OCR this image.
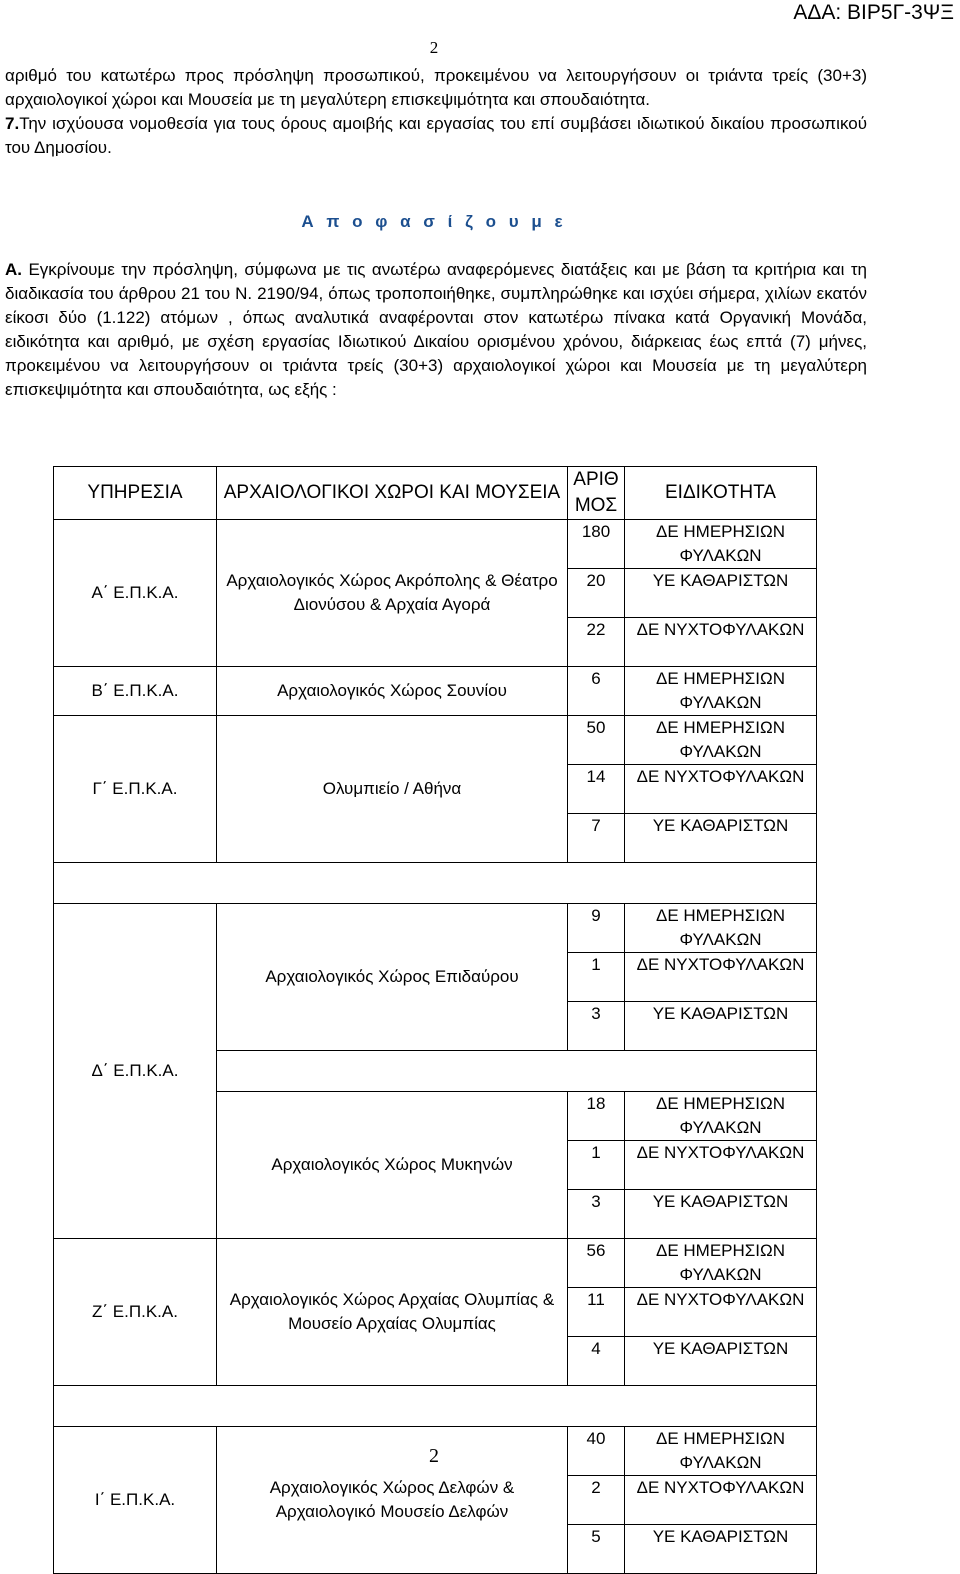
ΑΔΑ: ΒΙΡ5Γ-3ΨΞ
2
αριθμό του κατωτέρω προς πρόσληψη προσωπικού, προκειμένου να λειτουργήσουν οι τριάντα τρείς (30+3) αρχαιολογικοί χώροι και Μουσεία με τη μεγαλύτερη επισκεψιμότητα και σπουδαιότητα.
7.Την ισχύουσα νομοθεσία για τους όρους αμοιβής και εργασίας του επί συμβάσει ιδιωτικού δικαίου προσωπικού του Δημοσίου.
Α π ο φ α σ ί ζ ο υ μ ε
Α. Εγκρίνουμε την πρόσληψη, σύμφωνα με τις ανωτέρω αναφερόμενες διατάξεις και με βάση τα κριτήρια και τη διαδικασία του άρθρου 21 του Ν. 2190/94, όπως τροποποιήθηκε, συμπληρώθηκε και ισχύει σήμερα, χιλίων εκατόν είκοσι δύο (1.122) ατόμων , όπως αναλυτικά αναφέρονται στον κατωτέρω πίνακα κατά Οργανική Μονάδα, ειδικότητα και αριθμό, με σχέση εργασίας Ιδιωτικού Δικαίου ορισμένου χρόνου, διάρκειας έως επτά (7) μήνες, προκειμένου να λειτουργήσουν οι τριάντα τρείς (30+3) αρχαιολογικοί χώροι και Μουσεία με τη μεγαλύτερη επισκεψιμότητα και σπουδαιότητα, ως εξής :
ΥΠΗΡΕΣΙΑ	ΑΡΧΑΙΟΛΟΓΙΚΟΙ ΧΩΡΟΙ ΚΑΙ ΜΟΥΣΕΙΑ	ΑΡΙΘ ΜΟΣ	ΕΙΔΙΚΟΤΗΤΑ
Α΄ Ε.Π.Κ.Α.	Αρχαιολογικός Χώρος Ακρόπολης & Θέατρο Διονύσου & Αρχαία Αγορά	180	ΔΕ ΗΜΕΡΗΣΙΩΝ ΦΥΛΑΚΩΝ
		20	ΥΕ ΚΑΘΑΡΙΣΤΩΝ
		22	ΔΕ ΝΥΧΤΟΦΥΛΑΚΩΝ
Β΄ Ε.Π.Κ.Α.	Αρχαιολογικός Χώρος Σουνίου	6	ΔΕ ΗΜΕΡΗΣΙΩΝ ΦΥΛΑΚΩΝ
Γ΄ Ε.Π.Κ.Α.	Ολυμπιείο / Αθήνα	50	ΔΕ ΗΜΕΡΗΣΙΩΝ ΦΥΛΑΚΩΝ
		14	ΔΕ ΝΥΧΤΟΦΥΛΑΚΩΝ
		7	ΥΕ ΚΑΘΑΡΙΣΤΩΝ

Δ΄ Ε.Π.Κ.Α.	Αρχαιολογικός Χώρος Επιδαύρου	9	ΔΕ ΗΜΕΡΗΣΙΩΝ ΦΥΛΑΚΩΝ
		1	ΔΕ ΝΥΧΤΟΦΥΛΑΚΩΝ
		3	ΥΕ ΚΑΘΑΡΙΣΤΩΝ

	Αρχαιολογικός Χώρος Μυκηνών	18	ΔΕ ΗΜΕΡΗΣΙΩΝ ΦΥΛΑΚΩΝ
		1	ΔΕ ΝΥΧΤΟΦΥΛΑΚΩΝ
		3	ΥΕ ΚΑΘΑΡΙΣΤΩΝ
Ζ΄ Ε.Π.Κ.Α.	Αρχαιολογικός Χώρος Αρχαίας Ολυμπίας & Μουσείο Αρχαίας Ολυμπίας	56	ΔΕ ΗΜΕΡΗΣΙΩΝ ΦΥΛΑΚΩΝ
		11	ΔΕ ΝΥΧΤΟΦΥΛΑΚΩΝ
		4	ΥΕ ΚΑΘΑΡΙΣΤΩΝ

Ι΄ Ε.Π.Κ.Α.	Αρχαιολογικός Χώρος Δελφών & Αρχαιολογικό Μουσείο Δελφών	40	ΔΕ ΗΜΕΡΗΣΙΩΝ ΦΥΛΑΚΩΝ
		2	ΔΕ ΝΥΧΤΟΦΥΛΑΚΩΝ
		5	ΥΕ ΚΑΘΑΡΙΣΤΩΝ
2
